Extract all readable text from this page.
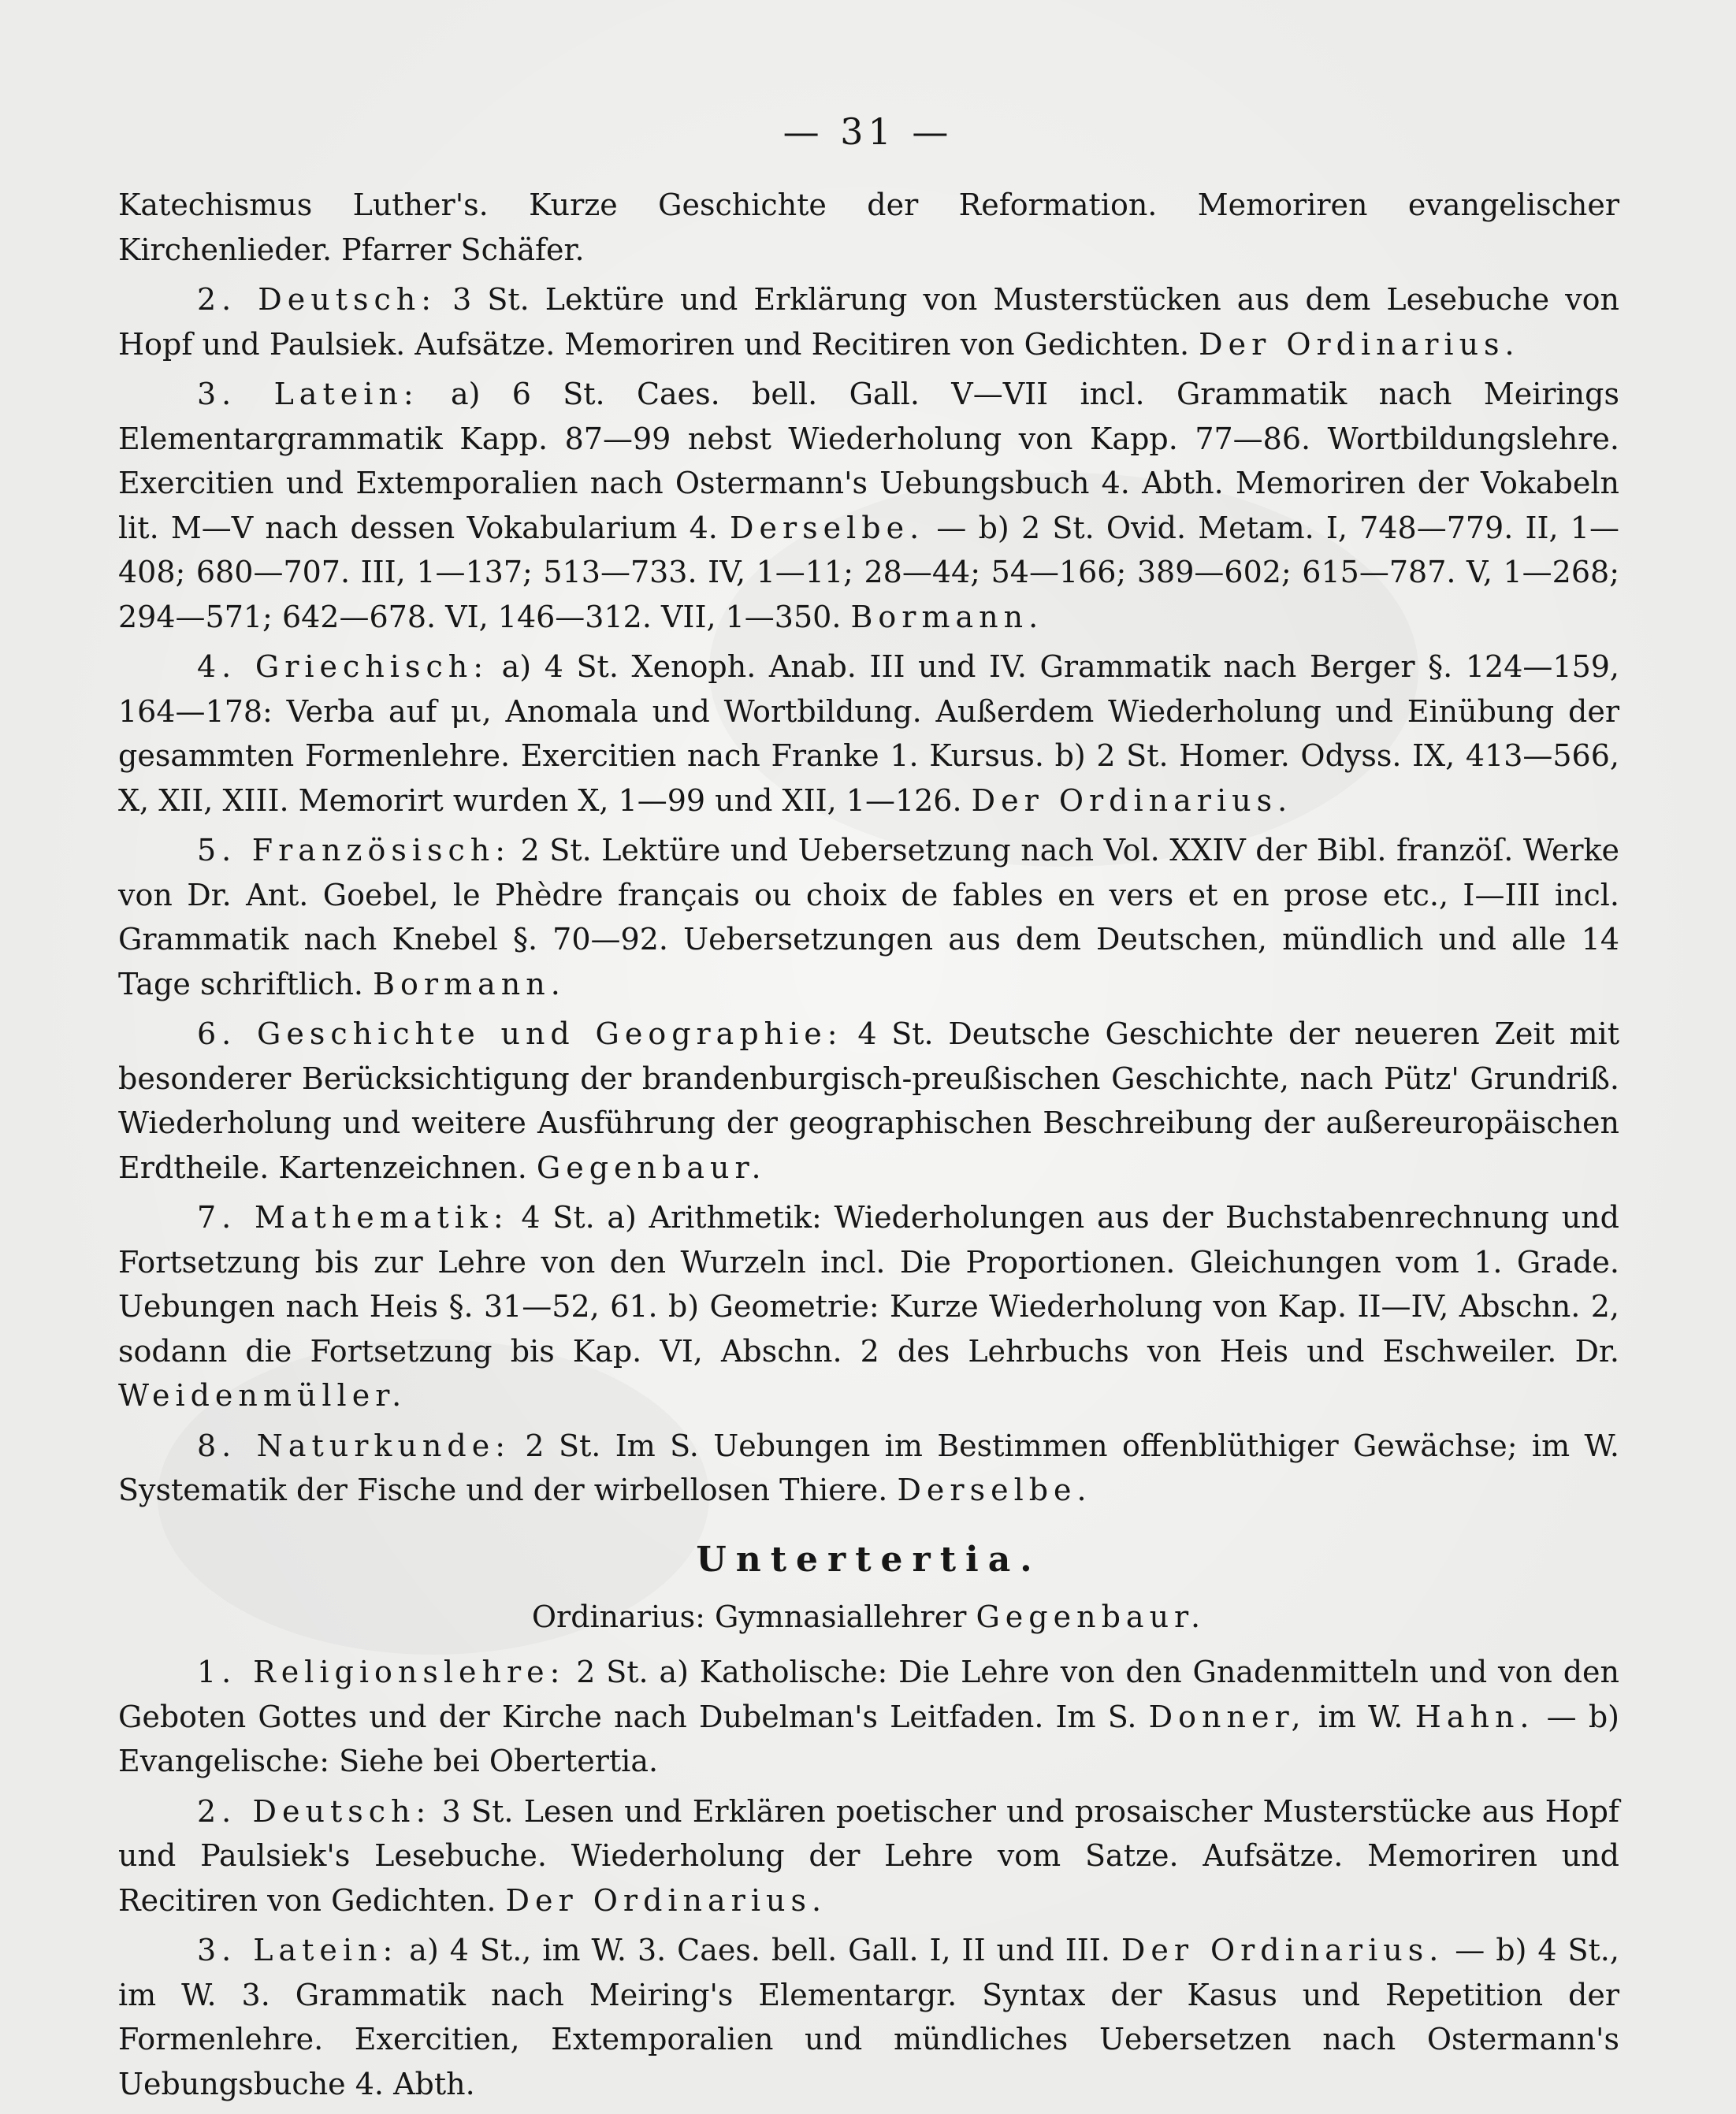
— 31 —

Katechismus Luther's. Kurze Geschichte der Reformation. Memoriren evangelischer Kirchenlieder. Pfarrer Schäfer.

2. Deutsch: 3 St. Lektüre und Erklärung von Musterstücken aus dem Lesebuche von Hopf und Paulsiek. Aufsätze. Memoriren und Recitiren von Gedichten. Der Ordinarius.

3. Latein: a) 6 St. Caes. bell. Gall. V—VII incl. Grammatik nach Meirings Elementargrammatik Kapp. 87—99 nebst Wiederholung von Kapp. 77—86. Wortbildungslehre. Exercitien und Extemporalien nach Ostermann's Uebungsbuch 4. Abth. Memoriren der Vokabeln lit. M—V nach dessen Vokabularium 4. Derselbe. — b) 2 St. Ovid. Metam. I, 748—779. II, 1—408; 680—707. III, 1—137; 513—733. IV, 1—11; 28—44; 54—166; 389—602; 615—787. V, 1—268; 294—571; 642—678. VI, 146—312. VII, 1—350. Bormann.

4. Griechisch: a) 4 St. Xenoph. Anab. III und IV. Grammatik nach Berger §. 124—159, 164—178: Verba auf μι, Anomala und Wortbildung. Außerdem Wiederholung und Einübung der gesammten Formenlehre. Exercitien nach Franke 1. Kursus. b) 2 St. Homer. Odyss. IX, 413—566, X, XII, XIII. Memorirt wurden X, 1—99 und XII, 1—126. Der Ordinarius.

5. Französisch: 2 St. Lektüre und Uebersetzung nach Vol. XXIV der Bibl. franzöſ. Werke von Dr. Ant. Goebel, le Phèdre français ou choix de fables en vers et en prose etc., I—III incl. Grammatik nach Knebel §. 70—92. Uebersetzungen aus dem Deutschen, mündlich und alle 14 Tage schriftlich. Bormann.

6. Geschichte und Geographie: 4 St. Deutsche Geschichte der neueren Zeit mit besonderer Berücksichtigung der brandenburgisch-preußischen Geschichte, nach Pütz' Grundriß. Wiederholung und weitere Ausführung der geographischen Beschreibung der außereuropäischen Erdtheile. Kartenzeichnen. Gegenbaur.

7. Mathematik: 4 St. a) Arithmetik: Wiederholungen aus der Buchstabenrechnung und Fortsetzung bis zur Lehre von den Wurzeln incl. Die Proportionen. Gleichungen vom 1. Grade. Uebungen nach Heis §. 31—52, 61. b) Geometrie: Kurze Wiederholung von Kap. II—IV, Abschn. 2, sodann die Fortsetzung bis Kap. VI, Abschn. 2 des Lehrbuchs von Heis und Eschweiler. Dr. Weidenmüller.

8. Naturkunde: 2 St. Im S. Uebungen im Bestimmen offenblüthiger Gewächse; im W. Systematik der Fische und der wirbellosen Thiere. Derselbe.

Untertertia.
Ordinarius: Gymnasiallehrer Gegenbaur.

1. Religionslehre: 2 St. a) Katholische: Die Lehre von den Gnadenmitteln und von den Geboten Gottes und der Kirche nach Dubelman's Leitfaden. Im S. Donner, im W. Hahn. — b) Evangelische: Siehe bei Obertertia.

2. Deutsch: 3 St. Lesen und Erklären poetischer und prosaischer Musterstücke aus Hopf und Paulsiek's Lesebuche. Wiederholung der Lehre vom Satze. Aufsätze. Memoriren und Recitiren von Gedichten. Der Ordinarius.

3. Latein: a) 4 St., im W. 3. Caes. bell. Gall. I, II und III. Der Ordinarius. — b) 4 St., im W. 3. Grammatik nach Meiring's Elementargr. Syntax der Kasus und Repetition der Formenlehre. Exercitien, Extemporalien und mündliches Uebersetzen nach Ostermann's Uebungsbuche 4. Abth.
